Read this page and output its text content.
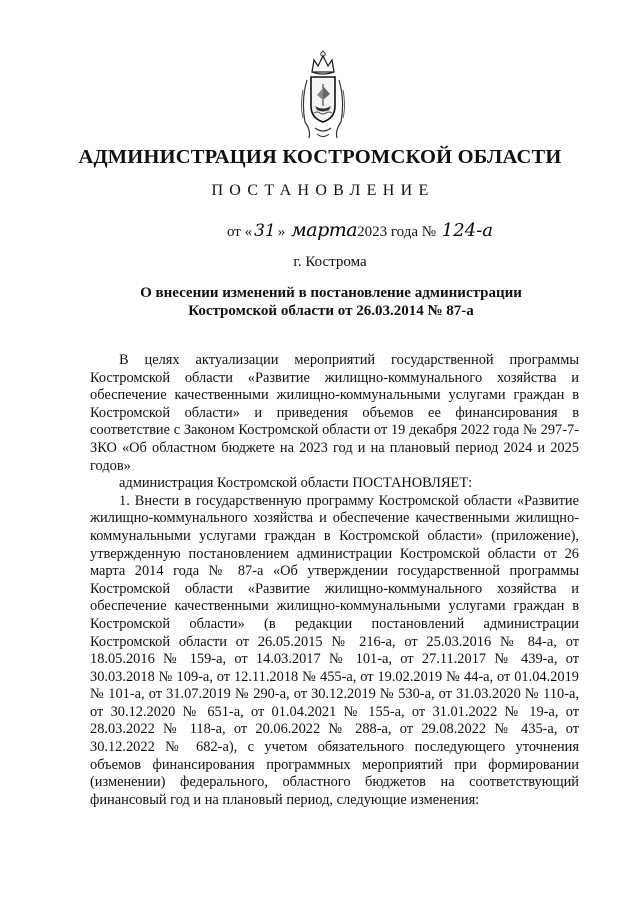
АДМИНИСТРАЦИЯ КОСТРОМСКОЙ ОБЛАСТИ
ПОСТАНОВЛЕНИЕ
от « 31 » марта2023 года № 124-а
г. Кострома
О внесении изменений в постановление администрации Костромской области от 26.03.2014 № 87-а

В целях актуализации мероприятий государственной программы Костромской области «Развитие жилищно-коммунального хозяйства и обеспечение качественными жилищно-коммунальными услугами граждан в Костромской области» и приведения объемов ее финансирования в соответствие с Законом Костромской области от 19 декабря 2022 года № 297-7-ЗКО «Об областном бюджете на 2023 год и на плановый период 2024 и 2025 годов»

администрация Костромской области ПОСТАНОВЛЯЕТ:

1. Внести в государственную программу Костромской области «Развитие жилищно-коммунального хозяйства и обеспечение качественными жилищно-коммунальными услугами граждан в Костромской области» (приложение), утвержденную постановлением администрации Костромской области от 26 марта 2014 года № 87-а «Об утверждении государственной программы Костромской области «Развитие жилищно-коммунального хозяйства и обеспечение качественными жилищно-коммунальными услугами граждан в Костромской области» (в редакции постановлений администрации Костромской области от 26.05.2015 № 216-а, от 25.03.2016 № 84-а, от 18.05.2016 № 159-а, от 14.03.2017 № 101-а, от 27.11.2017 № 439-а, от 30.03.2018 № 109-а, от 12.11.2018 № 455-а, от 19.02.2019 № 44-а, от 01.04.2019 № 101-а, от 31.07.2019 № 290-а, от 30.12.2019 № 530-а, от 31.03.2020 № 110-а, от 30.12.2020 № 651-а, от 01.04.2021 № 155-а, от 31.01.2022 № 19-а, от 28.03.2022 № 118-а, от 20.06.2022 № 288-а, от 29.08.2022 № 435-а, от 30.12.2022 № 682-а), с учетом обязательного последующего уточнения объемов финансирования программных мероприятий при формировании (изменении) федерального, областного бюджетов на соответствующий финансовый год и на плановый период, следующие изменения:
